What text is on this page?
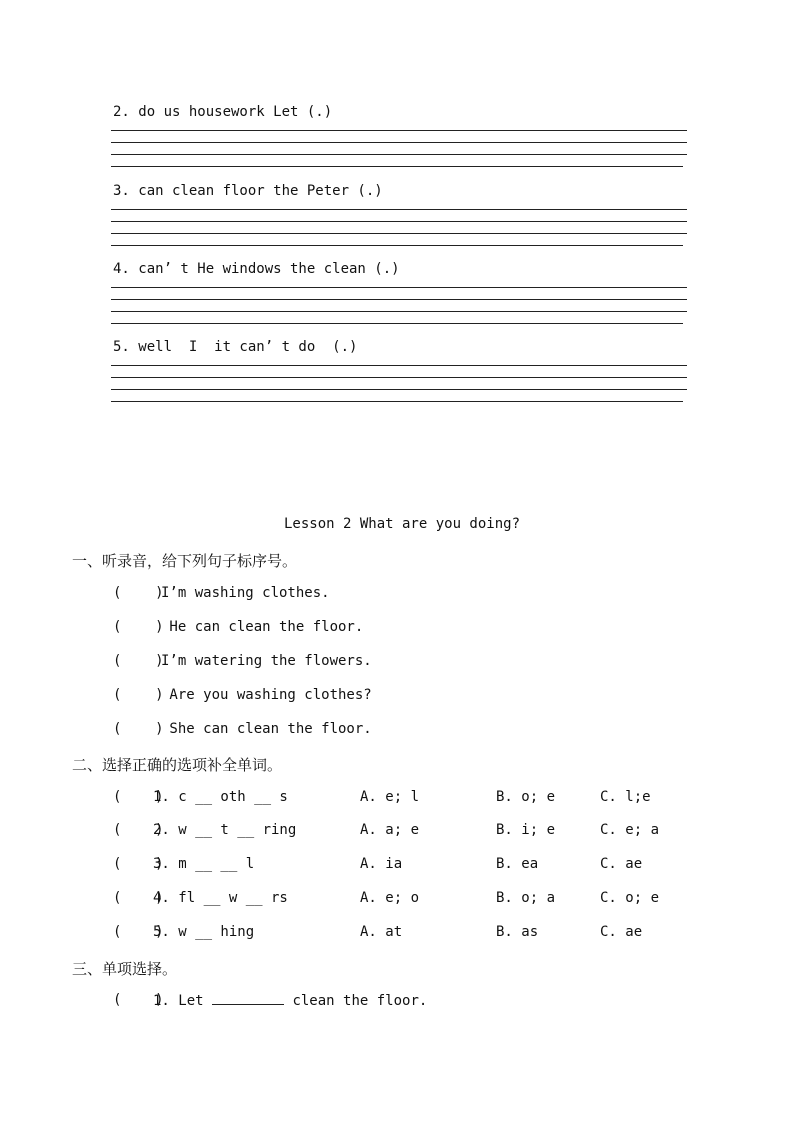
2. do us housework Let (.)
3. can clean floor the Peter (.)
4. can’ t He windows the clean (.)
5. well  I  it can’ t do  (.)
Lesson 2 What are you doing?
一、听录音，给下列句子标序号。
(    )
I’m washing clothes.
(    )
He can clean the floor.
(    )
I’m watering the flowers.
(    )
Are you washing clothes?
(    )
She can clean the floor.
二、选择正确的选项补全单词。
(    )
1. c __ oth __ s	A. e; l	B. o; e	C. l;e
(    )
2. w __ t __ ring	A. a; e	B. i; e	C. e; a
(    )
3. m __ __ l	A. ia	B. ea	C. ae
(    )
4. fl __ w __ rs	A. e; o	B. o; a	C. o; e
(    )
5. w __ hing	A. at	B. as	C. ae
三、单项选择。
(    )
1. Let	clean the floor.
